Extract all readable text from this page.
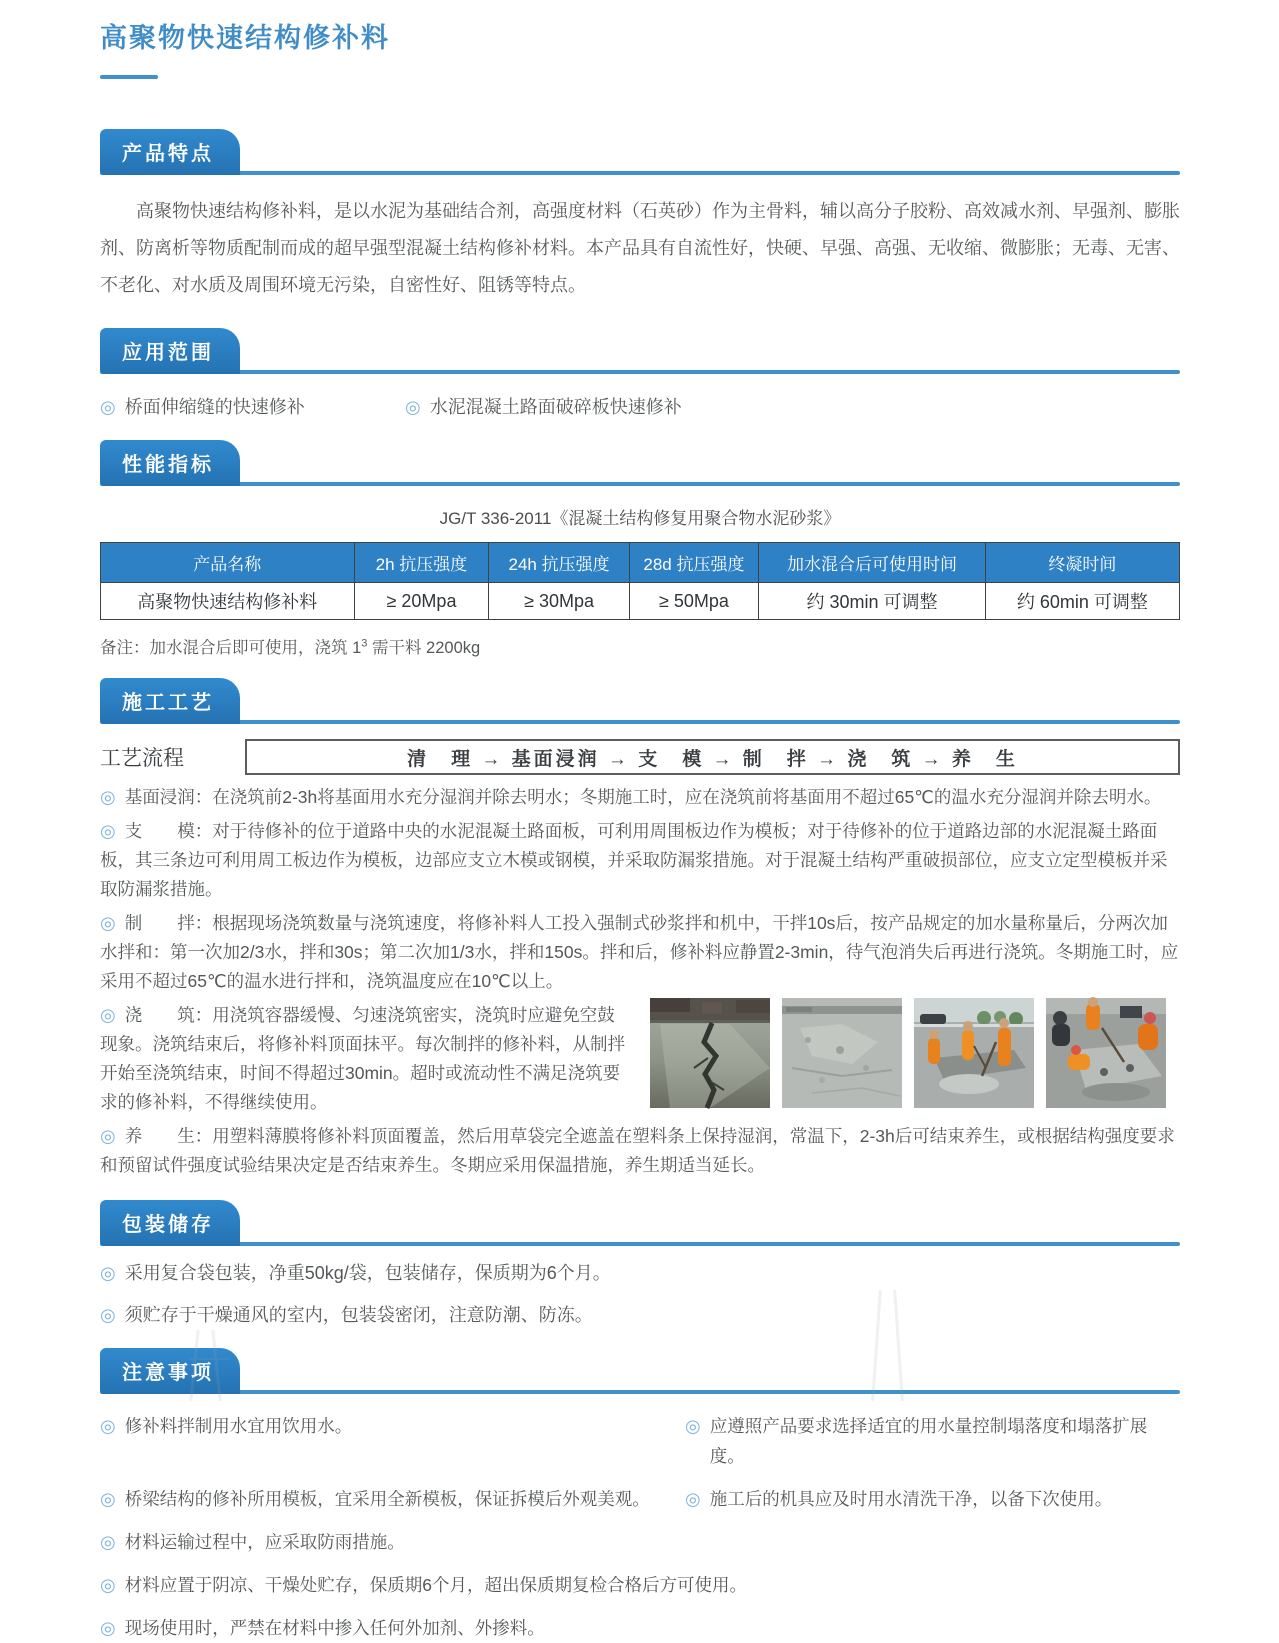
高聚物快速结构修补料
产品特点

高聚物快速结构修补料，是以水泥为基础结合剂，高强度材料（石英砂）作为主骨料，辅以高分子胶粉、高效减水剂、早强剂、膨胀剂、防离析等物质配制而成的超早强型混凝土结构修补材料。本产品具有自流性好，快硬、早强、高强、无收缩、微膨胀；无毒、无害、不老化、对水质及周围环境无污染，自密性好、阻锈等特点。

应用范围
◎ 桥面伸缩缝的快速修补	◎ 水泥混凝土路面破碎板快速修补
性能指标
JG/T 336-2011《混凝土结构修复用聚合物水泥砂浆》
产品名称	2h 抗压强度	24h 抗压强度	28d 抗压强度	加水混合后可使用时间	终凝时间
高聚物快速结构修补料	≥ 20Mpa	≥ 30Mpa	≥ 50Mpa	约 30min 可调整	约 60min 可调整
备注：加水混合后即可使用，浇筑 $1^3$ 需干料 2200kg
施工工艺
工艺流程	清　理 → 基面浸润 → 支　模 → 制　拌 → 浇　筑 → 养　生

◎ 基面浸润：在浇筑前2-3h将基面用水充分湿润并除去明水；冬期施工时，应在浇筑前将基面用不超过65℃的温水充分湿润并除去明水。

◎ 支　　模：对于待修补的位于道路中央的水泥混凝土路面板，可利用周围板边作为模板；对于待修补的位于道路边部的水泥混凝土路面板，其三条边可利用周工板边作为模板，边部应支立木模或钢模，并采取防漏浆措施。对于混凝土结构严重破损部位，应支立定型模板并采取防漏浆措施。

◎ 制　　拌：根据现场浇筑数量与浇筑速度，将修补料人工投入强制式砂浆拌和机中，干拌10s后，按产品规定的加水量称量后，分两次加水拌和：第一次加2/3水，拌和30s；第二次加1/3水，拌和150s。拌和后，修补料应静置2-3min，待气泡消失后再进行浇筑。冬期施工时，应采用不超过65℃的温水进行拌和，浇筑温度应在10℃以上。

◎ 浇　　筑：用浇筑容器缓慢、匀速浇筑密实，浇筑时应避免空鼓现象。浇筑结束后，将修补料顶面抹平。每次制拌的修补料，从制拌开始至浇筑结束，时间不得超过30min。超时或流动性不满足浇筑要求的修补料，不得继续使用。

◎ 养　　生：用塑料薄膜将修补料顶面覆盖，然后用草袋完全遮盖在塑料条上保持湿润，常温下，2-3h后可结束养生，或根据结构强度要求和预留试件强度试验结果决定是否结束养生。冬期应采用保温措施，养生期适当延长。

包装储存
◎ 采用复合袋包装，净重50kg/袋，包装储存，保质期为6个月。
◎ 须贮存于干燥通风的室内，包装袋密闭，注意防潮、防冻。
注意事项
◎ 修补料拌制用水宜用饮用水。	◎ 应遵照产品要求选择适宜的用水量控制塌落度和塌落扩展度。
◎ 桥梁结构的修补所用模板，宜采用全新模板，保证拆模后外观美观。 ◎ 施工后的机具应及时用水清洗干净，以备下次使用。
◎ 材料运输过程中，应采取防雨措施。
◎ 材料应置于阴凉、干燥处贮存，保质期6个月，超出保质期复检合格后方可使用。
◎ 现场使用时，严禁在材料中掺入任何外加剂、外掺料。
